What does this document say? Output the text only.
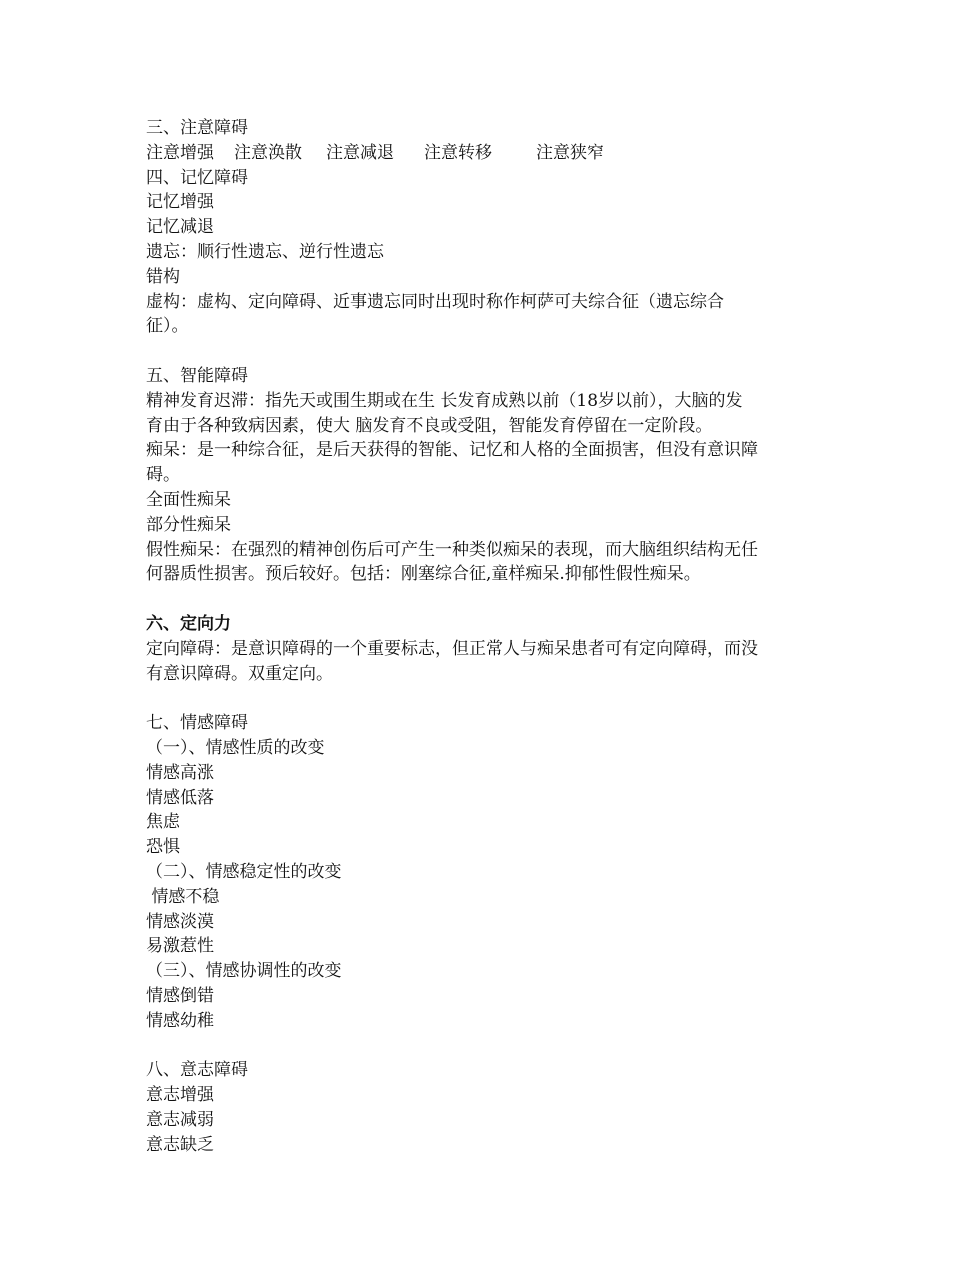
三、注意障碍
注意增强 注意涣散 注意减退 注意转移	注意狭窄
四、记忆障碍
记忆增强
记忆减退
遗忘：顺行性遗忘、逆行性遗忘
错构
虚构：虚构、定向障碍、近事遗忘同时出现时称作柯萨可夫综合征（遗忘综合
征）。
五、智能障碍
精神发育迟滞：指先天或围生期或在生 长发育成熟以前（18岁以前），大脑的发
育由于各种致病因素，使大 脑发育不良或受阻，智能发育停留在一定阶段。
痴呆：是一种综合征，是后天获得的智能、记忆和人格的全面损害，但没有意识障
碍。
全面性痴呆
部分性痴呆
假性痴呆：在强烈的精神创伤后可产生一种类似痴呆的表现，而大脑组织结构无任
何器质性损害。预后较好。包括：刚塞综合征,童样痴呆.抑郁性假性痴呆。
六、定向力
定向障碍：是意识障碍的一个重要标志，但正常人与痴呆患者可有定向障碍，而没
有意识障碍。双重定向。
七、情感障碍
（一）、情感性质的改变
情感高涨
情感低落
焦虑
恐惧
（二）、情感稳定性的改变
情感不稳
情感淡漠
易激惹性
（三）、情感协调性的改变
情感倒错
情感幼稚
八、意志障碍
意志增强
意志减弱
意志缺乏
